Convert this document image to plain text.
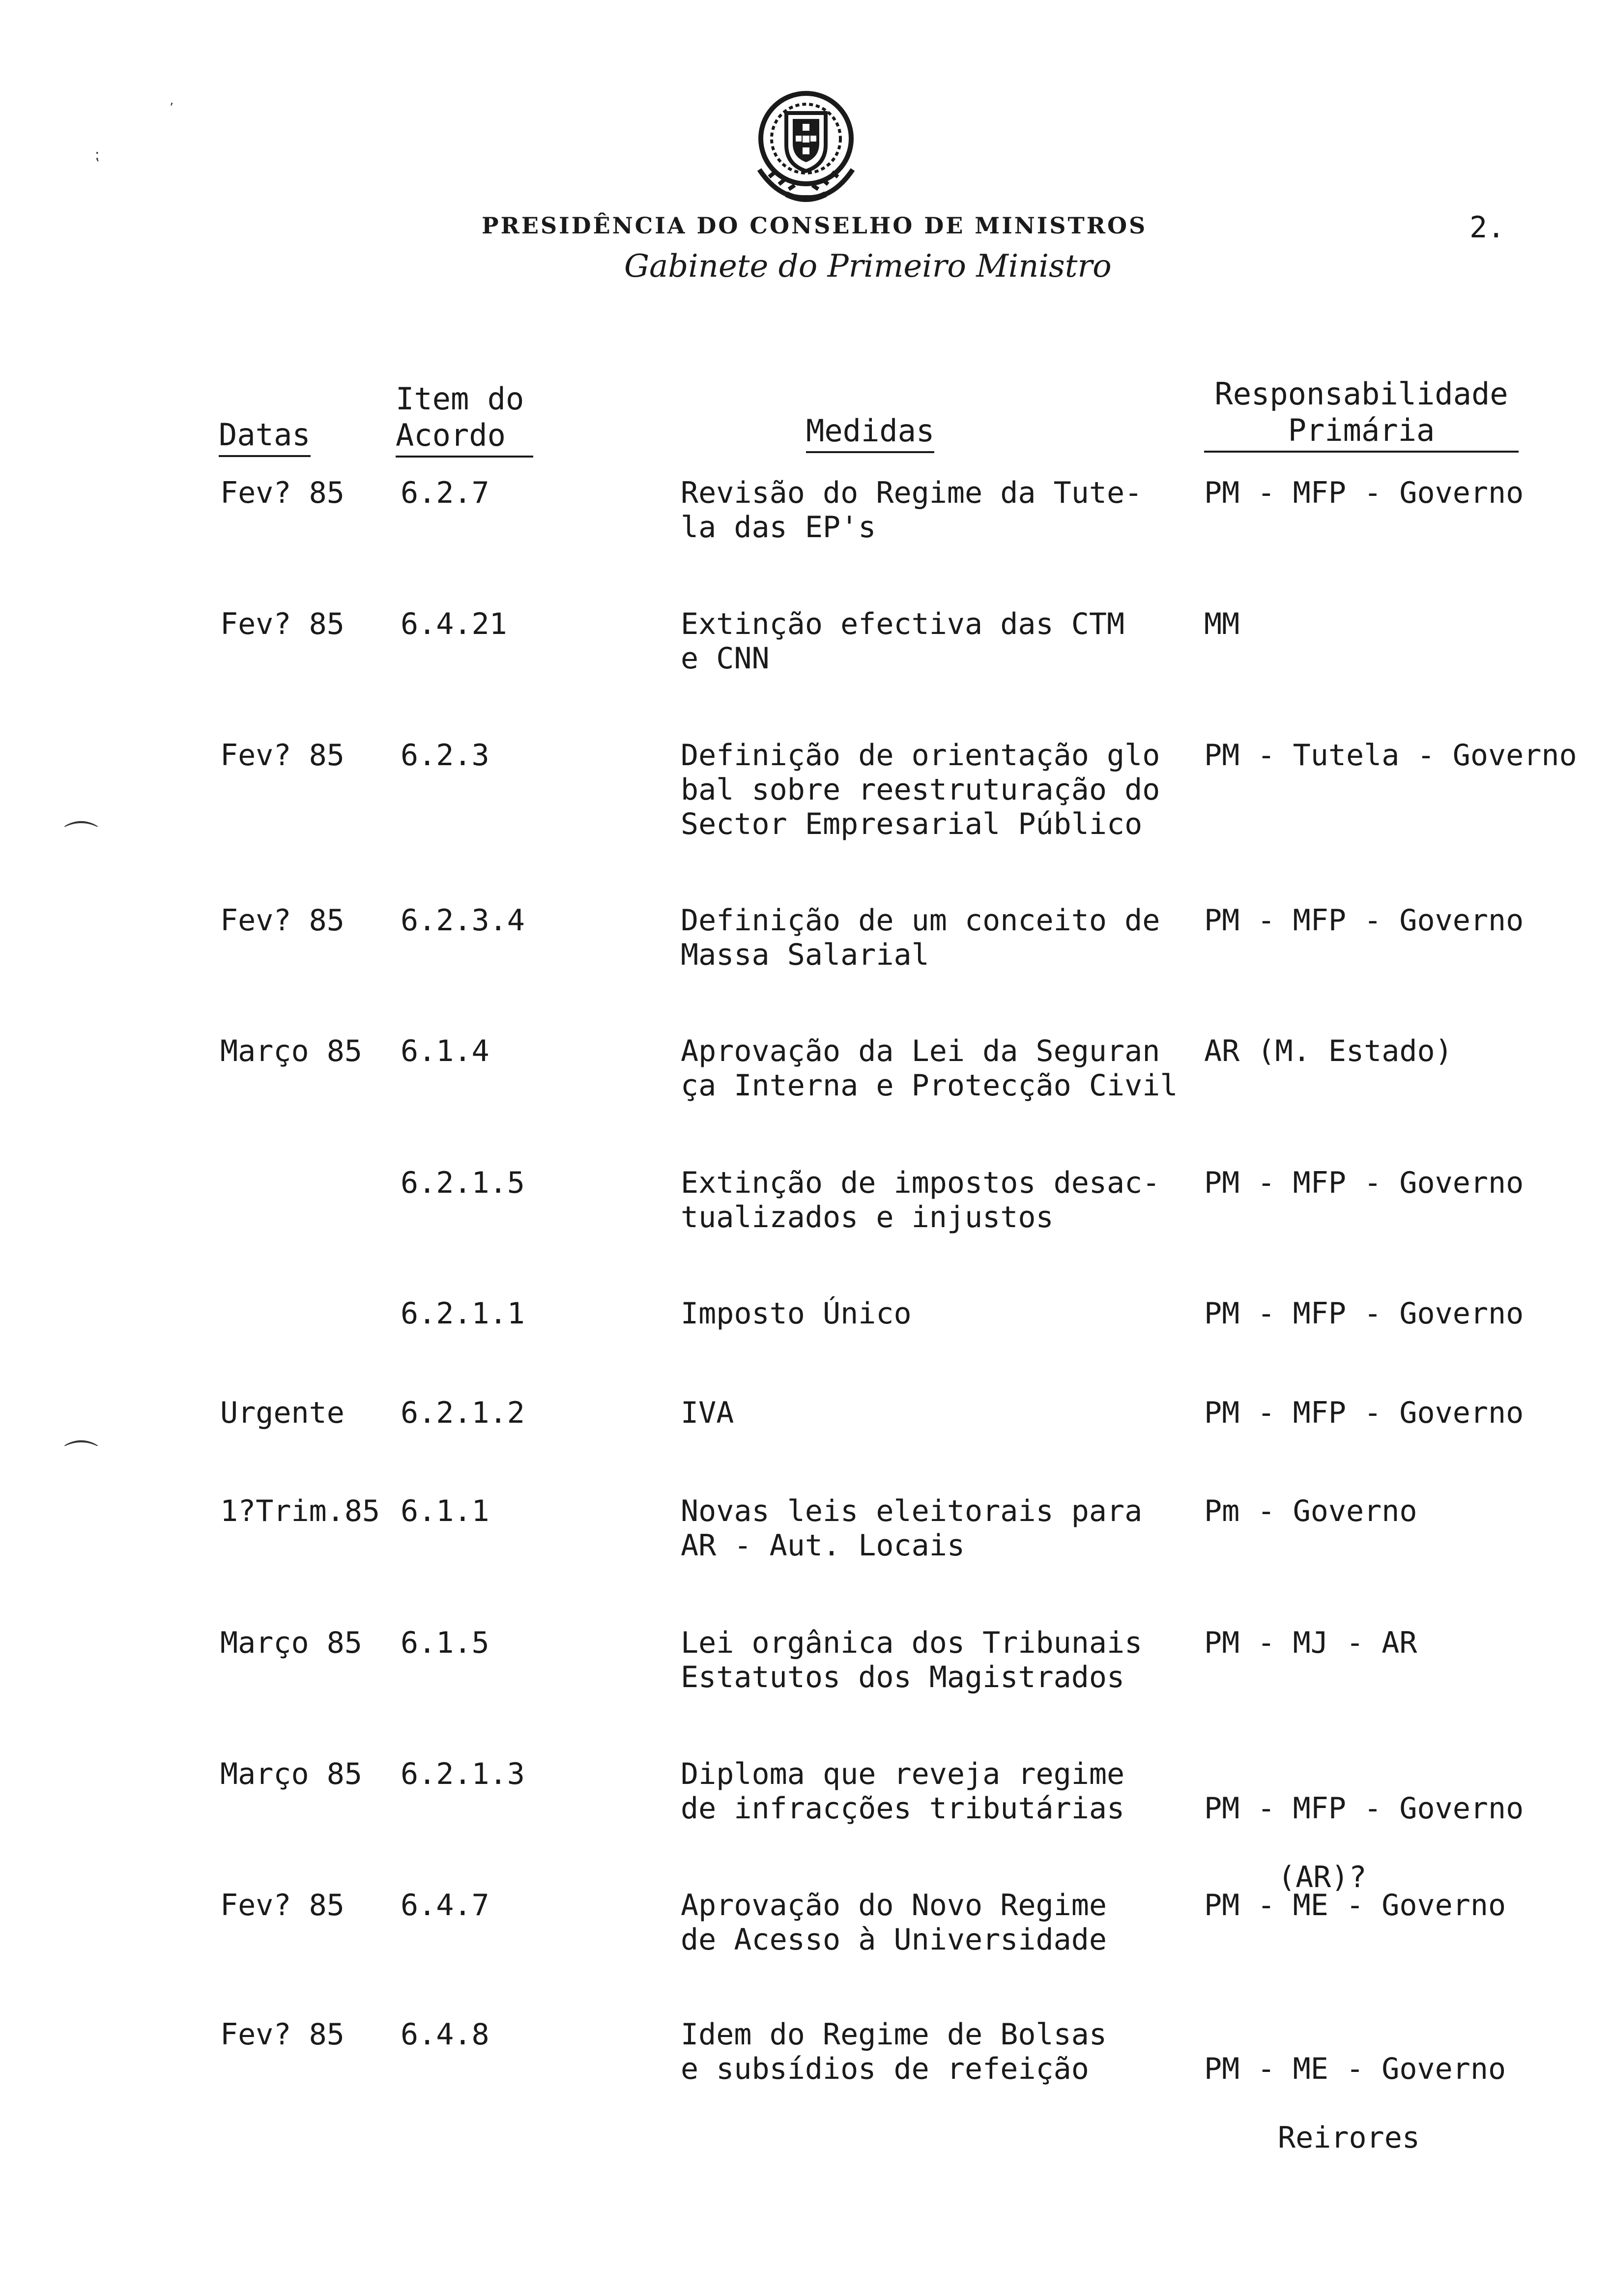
ʼ
⁏
⌒
⌒
PRESIDÊNCIA DO CONSELHO DE MINISTROS	2.
Gabinete do Primeiro Ministro
Datas
Item do
Acordo	Medidas
Responsabilidade
Primária
Fev? 85 6.2.7	Revisão do Regime da Tute-
la das EP's
PM - MFP - Governo
Fev? 85 6.4.21	Extinção efectiva das CTM
e CNN
MM
Fev? 85 6.2.3	Definição de orientação glo
bal sobre reestruturação do
Sector Empresarial Público
PM - Tutela - Governo
Fev? 85 6.2.3.4	Definição de um conceito de
Massa Salarial
PM - MFP - Governo
Março 85 6.1.4	Aprovação da Lei da Seguran
ça Interna e Protecção Civil
AR (M. Estado)
6.2.1.5	Extinção de impostos desac-
tualizados e injustos
PM - MFP - Governo
6.2.1.1	Imposto Único	PM - MFP - Governo
Urgente 6.2.1.2	IVA	PM - MFP - Governo
1?Trim.85 6.1.1	Novas leis eleitorais para
AR - Aut. Locais
Pm - Governo
Março 85 6.1.5	Lei orgânica dos Tribunais
Estatutos dos Magistrados
PM - MJ - AR
Março 85 6.2.1.3	Diploma que reveja regime
de infracções tributárias	PM - MFP - Governo

(AR)?

Fev? 85 6.4.7	Aprovação do Novo Regime
de Acesso à Universidade
PM - ME - Governo
Fev? 85 6.4.8	Idem do Regime de Bolsas
e subsídios de refeição	PM - ME - Governo

Reirores
